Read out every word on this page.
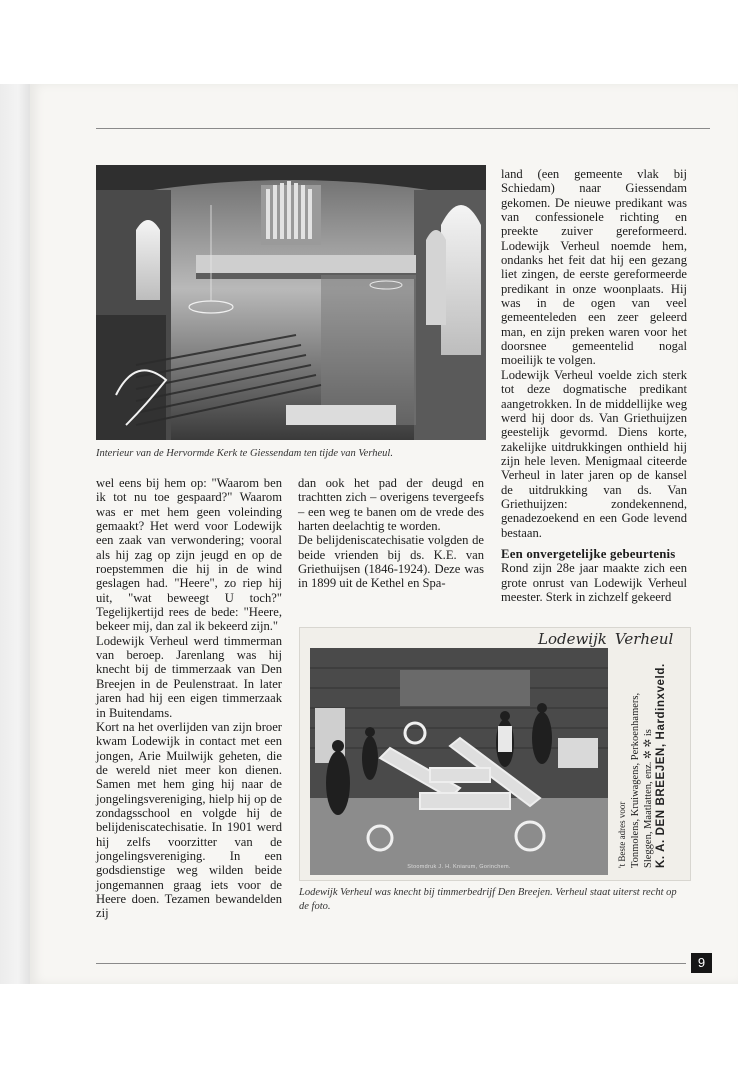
Interieur van de Hervormde Kerk te Giessendam ten tijde van Verheul.

wel eens bij hem op: "Waarom ben ik tot nu toe gespaard?" Waarom was er met hem geen voleinding gemaakt? Het werd voor Lodewijk een zaak van verwondering; vooral als hij zag op zijn jeugd en op de roepstemmen die hij in de wind geslagen had. "Heere", zo riep hij uit, "wat beweegt U toch?" Tegelijkertijd rees de bede: "Heere, bekeer mij, dan zal ik bekeerd zijn."

Lodewijk Verheul werd timmerman van beroep. Jarenlang was hij knecht bij de timmerzaak van Den Breejen in de Peulenstraat. In later jaren had hij een eigen timmerzaak in Buitendams.

Kort na het overlijden van zijn broer kwam Lodewijk in contact met een jongen, Arie Muilwijk geheten, die de wereld niet meer kon dienen. Samen met hem ging hij naar de jongelingsvereniging, hielp hij op de zondagsschool en volgde hij de belijdeniscatechisatie. In 1901 werd hij zelfs voorzitter van de jongelingsvereniging. In een godsdienstige weg wilden beide jongemannen graag iets voor de Heere doen. Tezamen bewandelden zij

dan ook het pad der deugd en trachtten zich – overigens tevergeefs – een weg te banen om de vrede des harten deelachtig te worden.

De belijdeniscatechisatie volgden de beide vrienden bij ds. K.E. van Griethuijsen (1846-1924). Deze was in 1899 uit de Kethel en Spa-

land (een gemeente vlak bij Schiedam) naar Giessendam gekomen. De nieuwe predikant was van confessionele richting en preekte zuiver gereformeerd. Lodewijk Verheul noemde hem, ondanks het feit dat hij een gezang liet zingen, de eerste gereformeerde predikant in onze woonplaats. Hij was in de ogen van veel gemeenteleden een zeer geleerd man, en zijn preken waren voor het doorsnee gemeentelid nogal moeilijk te volgen.

Lodewijk Verheul voelde zich sterk tot deze dogmatische predikant aangetrokken. In de middellijke weg werd hij door ds. Van Griethuijzen geestelijk gevormd. Diens korte, zakelijke uitdrukkingen onthield hij zijn hele leven. Menigmaal citeerde Verheul in later jaren op de kansel de uitdrukking van ds. Van Griethuijzen: zondekennend, genadezoekend en een Gode levend bestaan.

Een onvergetelijke gebeurtenis

Rond zijn 28e jaar maakte zich een grote onrust van Lodewijk Verheul meester. Sterk in zichzelf gekeerd

Lodewijk Verheul
Stoomdruk J. H. Kniarum, Gorinchem.	't Beste adres voor Tonmolens, Kruiwagens, Perkoenhamers, Sleggen, Maatlatten, enz. ✲ ✲ is K. A. DEN BREEJEN, Hardinxveld.
Lodewijk Verheul was knecht bij timmerbedrijf Den Breejen. Verheul staat uiterst recht op de foto.
9
